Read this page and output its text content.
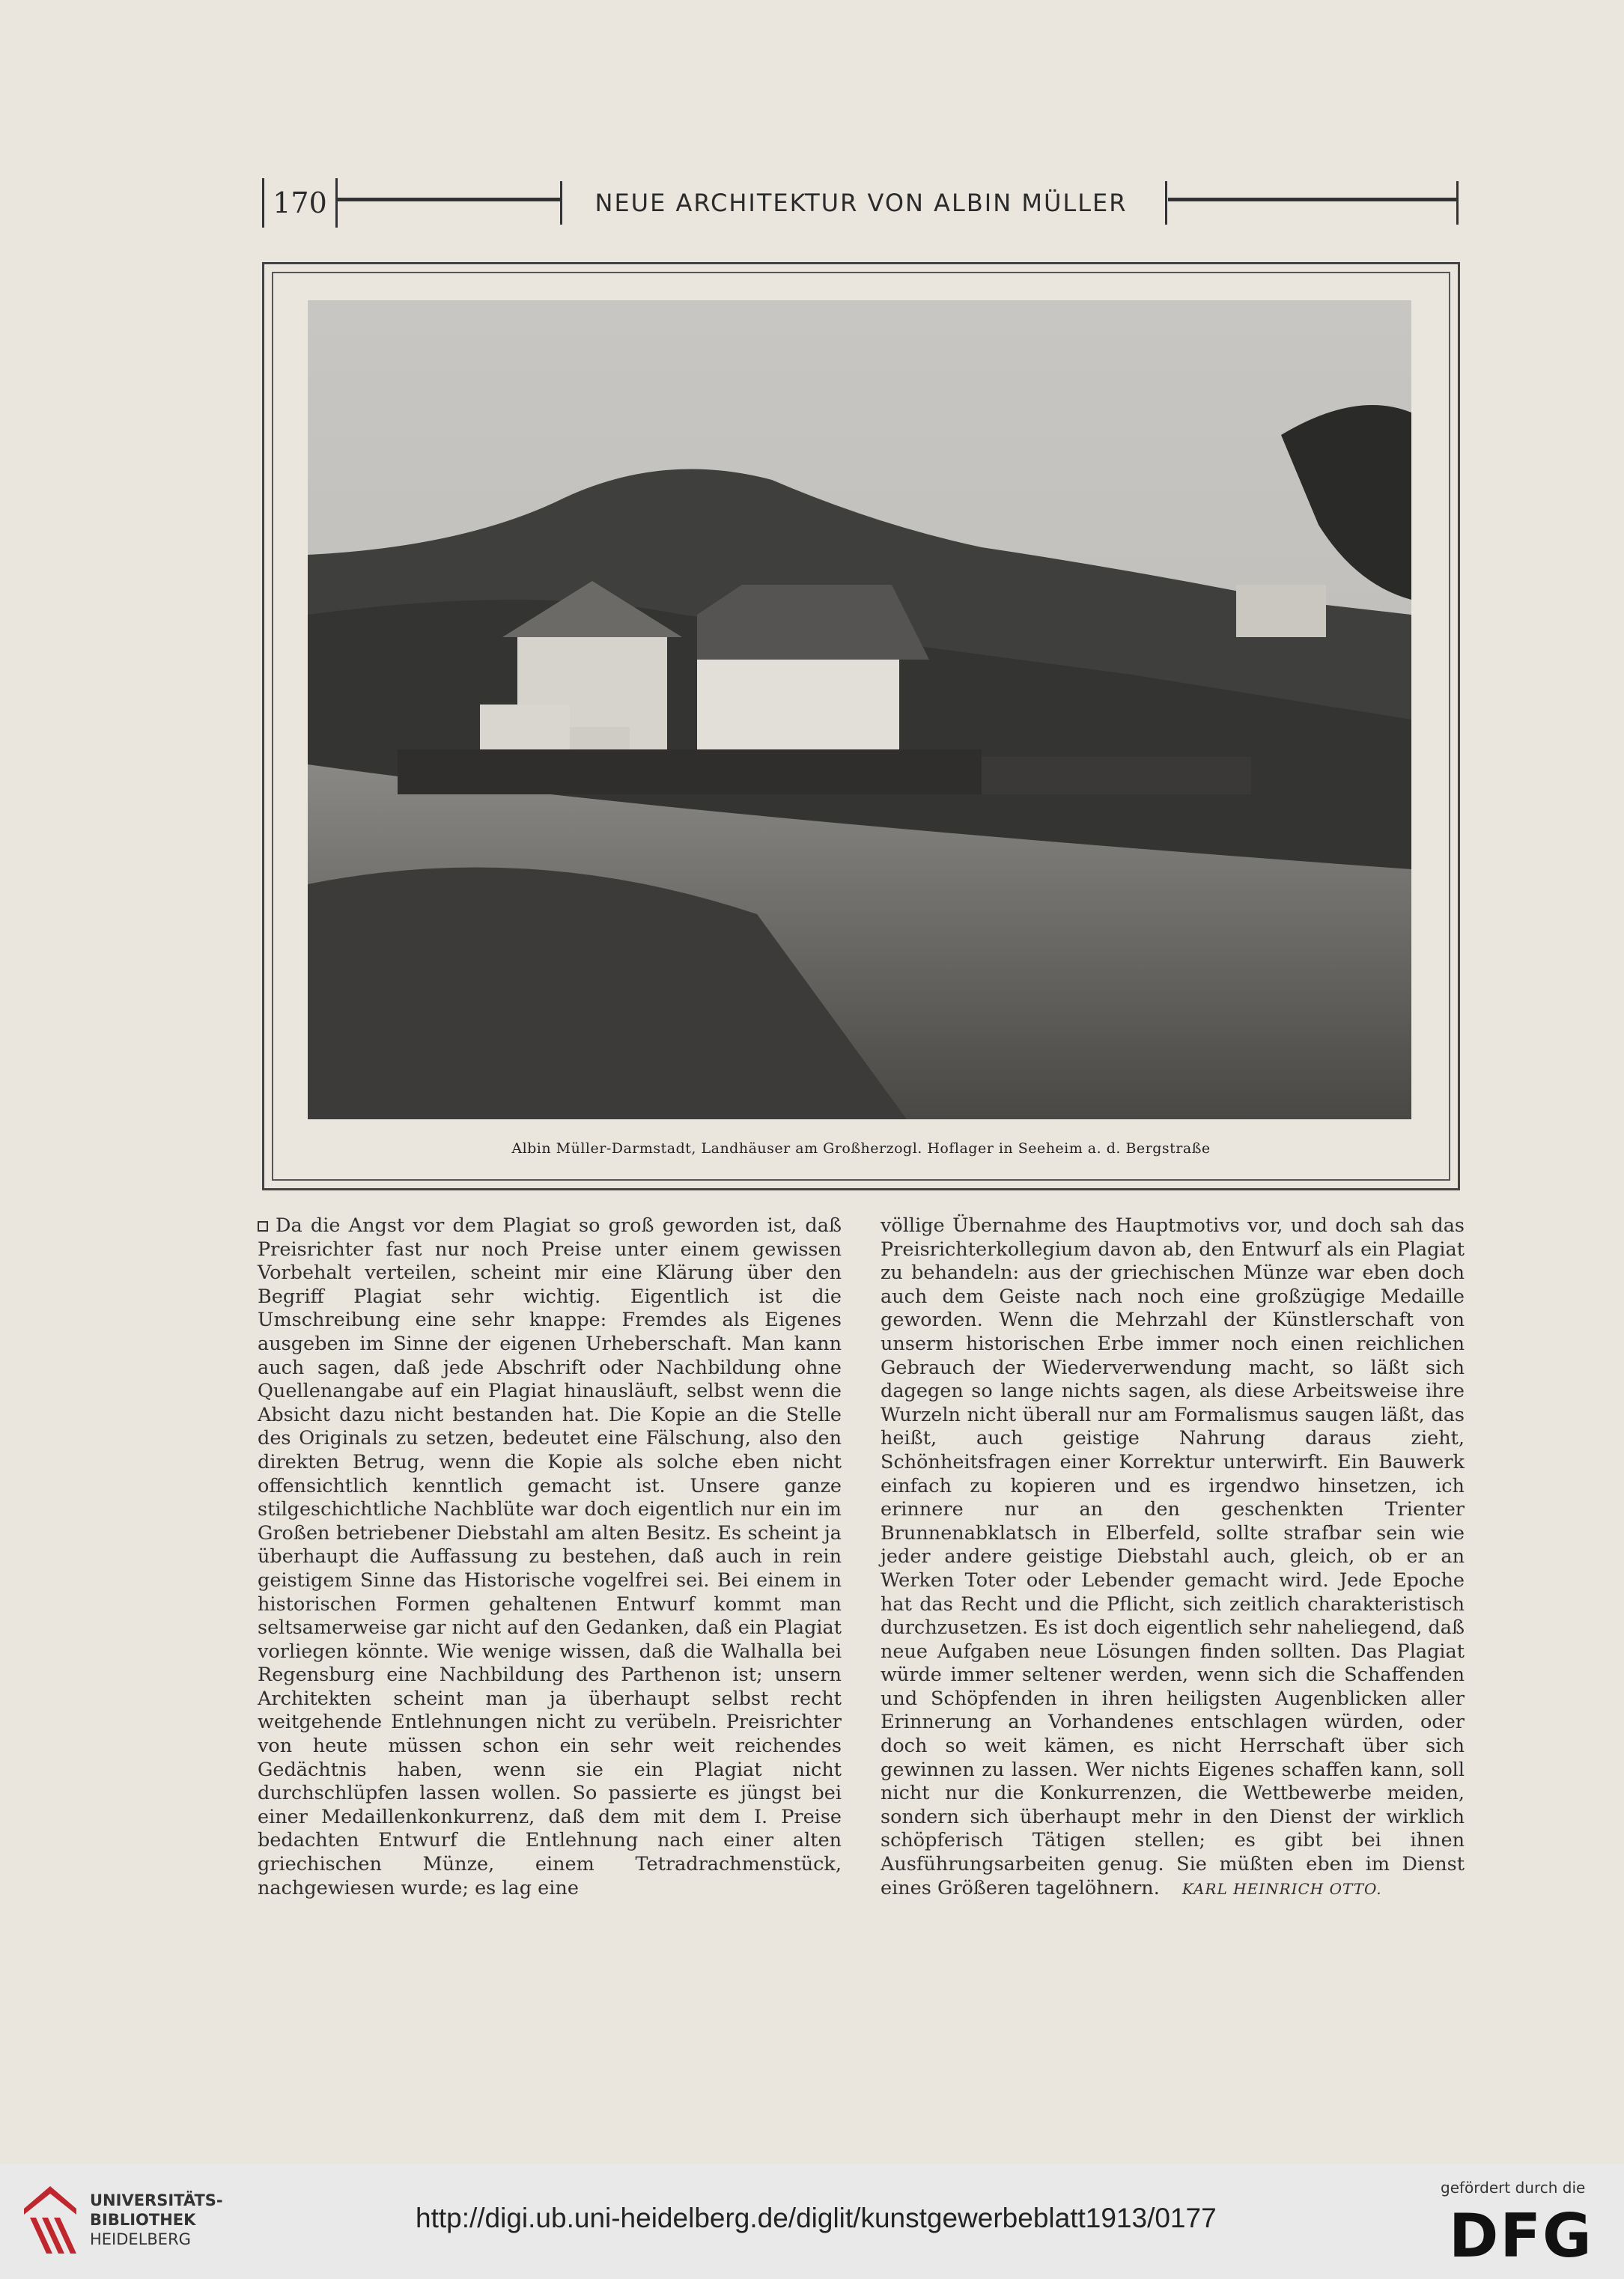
170	NEUE ARCHITEKTUR VON ALBIN MÜLLER
Albin Müller-Darmstadt, Landhäuser am Großherzogl. Hoflager in Seeheim a. d. Bergstraße

Da die Angst vor dem Plagiat so groß geworden ist, daß Preisrichter fast nur noch Preise unter einem gewissen Vorbehalt verteilen, scheint mir eine Klärung über den Begriff Plagiat sehr wichtig. Eigentlich ist die Umschreibung eine sehr knappe: Fremdes als Eigenes ausgeben im Sinne der eigenen Urheberschaft. Man kann auch sagen, daß jede Abschrift oder Nachbildung ohne Quellenangabe auf ein Plagiat hinausläuft, selbst wenn die Absicht dazu nicht bestanden hat. Die Kopie an die Stelle des Originals zu setzen, bedeutet eine Fälschung, also den direkten Betrug, wenn die Kopie als solche eben nicht offensichtlich kenntlich gemacht ist. Unsere ganze stilgeschichtliche Nachblüte war doch eigentlich nur ein im Großen betriebener Diebstahl am alten Besitz. Es scheint ja überhaupt die Auffassung zu bestehen, daß auch in rein geistigem Sinne das Historische vogelfrei sei. Bei einem in historischen Formen gehaltenen Entwurf kommt man seltsamerweise gar nicht auf den Gedanken, daß ein Plagiat vorliegen könnte. Wie wenige wissen, daß die Walhalla bei Regensburg eine Nachbildung des Parthenon ist; unsern Architekten scheint man ja überhaupt selbst recht weitgehende Entlehnungen nicht zu verübeln. Preisrichter von heute müssen schon ein sehr weit reichendes Gedächtnis haben, wenn sie ein Plagiat nicht durchschlüpfen lassen wollen. So passierte es jüngst bei einer Medaillenkonkurrenz, daß dem mit dem I. Preise bedachten Entwurf die Entlehnung nach einer alten griechischen Münze, einem Tetradrachmenstück, nachgewiesen wurde; es lag eine

völlige Übernahme des Hauptmotivs vor, und doch sah das Preisrichterkollegium davon ab, den Entwurf als ein Plagiat zu behandeln: aus der griechischen Münze war eben doch auch dem Geiste nach noch eine großzügige Medaille geworden. Wenn die Mehrzahl der Künstlerschaft von unserm historischen Erbe immer noch einen reichlichen Gebrauch der Wiederverwendung macht, so läßt sich dagegen so lange nichts sagen, als diese Arbeitsweise ihre Wurzeln nicht überall nur am Formalismus saugen läßt, das heißt, auch geistige Nahrung daraus zieht, Schönheitsfragen einer Korrektur unterwirft. Ein Bauwerk einfach zu kopieren und es irgendwo hinsetzen, ich erinnere nur an den geschenkten Trienter Brunnenabklatsch in Elberfeld, sollte strafbar sein wie jeder andere geistige Diebstahl auch, gleich, ob er an Werken Toter oder Lebender gemacht wird. Jede Epoche hat das Recht und die Pflicht, sich zeitlich charakteristisch durchzusetzen. Es ist doch eigentlich sehr naheliegend, daß neue Aufgaben neue Lösungen finden sollten. Das Plagiat würde immer seltener werden, wenn sich die Schaffenden und Schöpfenden in ihren heiligsten Augenblicken aller Erinnerung an Vorhandenes entschlagen würden, oder doch so weit kämen, es nicht Herrschaft über sich gewinnen zu lassen. Wer nichts Eigenes schaffen kann, soll nicht nur die Konkurrenzen, die Wettbewerbe meiden, sondern sich überhaupt mehr in den Dienst der wirklich schöpferisch Tätigen stellen; es gibt bei ihnen Ausführungsarbeiten genug. Sie müßten eben im Dienst eines Größeren tagelöhnern. KARL HEINRICH OTTO.

UNIVERSITÄTS-
BIBLIOTHEK
HEIDELBERG
http://digi.ub.uni-heidelberg.de/diglit/kunstgewerbeblatt1913/0177
gefördert durch die
DFG
